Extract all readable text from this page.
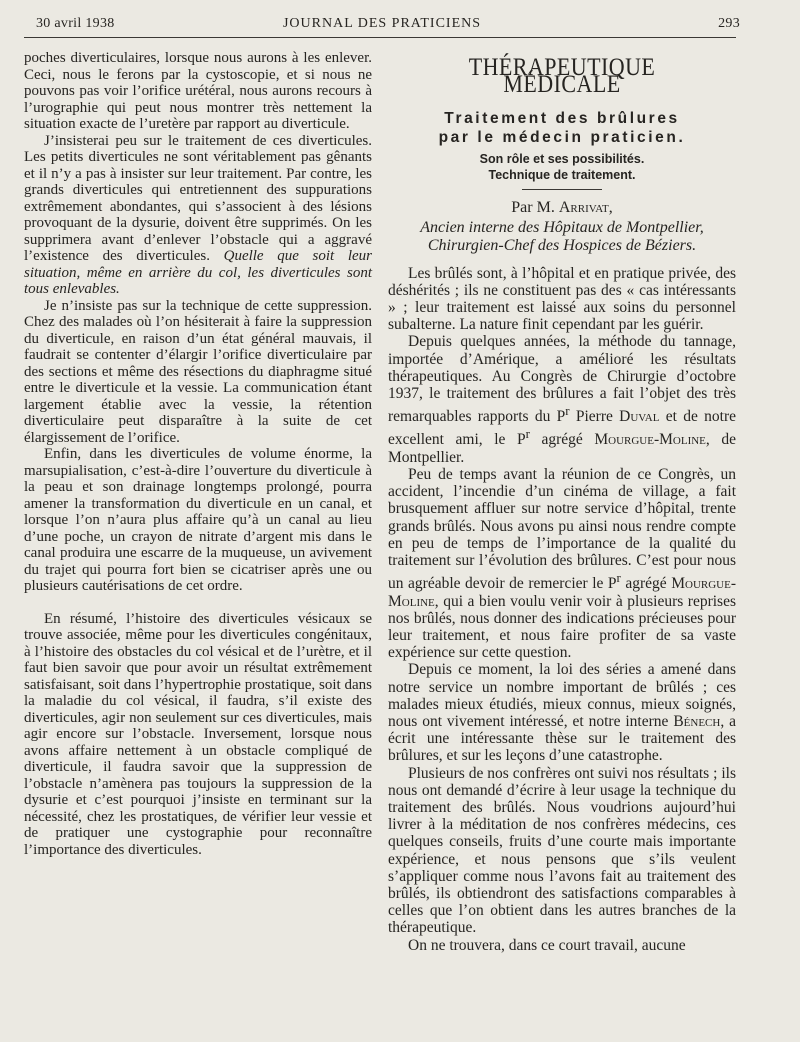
30 avril 1938	JOURNAL DES PRATICIENS	293

poches diverticulaires, lorsque nous aurons à les enlever. Ceci, nous le ferons par la cystoscopie, et si nous ne pouvons pas voir l’orifice urétéral, nous aurons recours à l’urographie qui peut nous montrer très nettement la situation exacte de l’uretère par rapport au diverticule.

J’insisterai peu sur le traitement de ces diverticules. Les petits diverticules ne sont véritablement pas gênants et il n’y a pas à insister sur leur traitement. Par contre, les grands diverticules qui entretiennent des suppurations extrêmement abondantes, qui s’associent à des lésions provoquant de la dysurie, doivent être supprimés. On les supprimera avant d’enlever l’obstacle qui a aggravé l’existence des diverticules. Quelle que soit leur situation, même en arrière du col, les diverticules sont tous enlevables.

Je n’insiste pas sur la technique de cette suppression. Chez des malades où l’on hésiterait à faire la suppression du diverticule, en raison d’un état général mauvais, il faudrait se contenter d’élargir l’orifice diverticulaire par des sections et même des résections du diaphragme situé entre le diverticule et la vessie. La communication étant largement établie avec la vessie, la rétention diverticulaire peut disparaître à la suite de cet élargissement de l’orifice.

Enfin, dans les diverticules de volume énorme, la marsupialisation, c’est-à-dire l’ouverture du diverticule à la peau et son drainage longtemps prolongé, pourra amener la transformation du diverticule en un canal, et lorsque l’on n’aura plus affaire qu’à un canal au lieu d’une poche, un crayon de nitrate d’argent mis dans le canal produira une escarre de la muqueuse, un avivement du trajet qui pourra fort bien se cicatriser après une ou plusieurs cautérisations de cet ordre.

En résumé, l’histoire des diverticules vésicaux se trouve associée, même pour les diverticules congénitaux, à l’histoire des obstacles du col vésical et de l’urètre, et il faut bien savoir que pour avoir un résultat extrêmement satisfaisant, soit dans l’hypertrophie prostatique, soit dans la maladie du col vésical, il faudra, s’il existe des diverticules, agir non seulement sur ces diverticules, mais agir encore sur l’obstacle. Inversement, lorsque nous avons affaire nettement à un obstacle compliqué de diverticule, il faudra savoir que la suppression de l’obstacle n’amènera pas toujours la suppression de la dysurie et c’est pourquoi j’insiste en terminant sur la nécessité, chez les prostatiques, de vérifier leur vessie et de pratiquer une cystographie pour reconnaître l’importance des diverticules.

THÉRAPEUTIQUE MÉDICALE
Traitement des brûlures
par le médecin praticien.
Son rôle et ses possibilités.
Technique de traitement.
Par M. Arrivat,
Ancien interne des Hôpitaux de Montpellier,
Chirurgien-Chef des Hospices de Béziers.

Les brûlés sont, à l’hôpital et en pratique privée, des déshérités ; ils ne constituent pas des « cas intéressants » ; leur traitement est laissé aux soins du personnel subalterne. La nature finit cependant par les guérir.

Depuis quelques années, la méthode du tannage, importée d’Amérique, a amélioré les résultats thérapeutiques. Au Congrès de Chirurgie d’octobre 1937, le traitement des brûlures a fait l’objet des très remarquables rapports du $P^r$ Pierre Duval et de notre excellent ami, le $P^r$ agrégé Mourgue-Moline, de Montpellier.

Peu de temps avant la réunion de ce Congrès, un accident, l’incendie d’un cinéma de village, a fait brusquement affluer sur notre service d’hôpital, trente grands brûlés. Nous avons pu ainsi nous rendre compte en peu de temps de l’importance de la qualité du traitement sur l’évolution des brûlures. C’est pour nous un agréable devoir de remercier le $P^r$ agrégé Mourgue-Moline, qui a bien voulu venir voir à plusieurs reprises nos brûlés, nous donner des indications précieuses pour leur traitement, et nous faire profiter de sa vaste expérience sur cette question.

Depuis ce moment, la loi des séries a amené dans notre service un nombre important de brûlés ; ces malades mieux étudiés, mieux connus, mieux soignés, nous ont vivement intéressé, et notre interne Bénech, a écrit une intéressante thèse sur le traitement des brûlures, et sur les leçons d’une catastrophe.

Plusieurs de nos confrères ont suivi nos résultats ; ils nous ont demandé d’écrire à leur usage la technique du traitement des brûlés. Nous voudrions aujourd’hui livrer à la méditation de nos confrères médecins, ces quelques conseils, fruits d’une courte mais importante expérience, et nous pensons que s’ils veulent s’appliquer comme nous l’avons fait au traitement des brûlés, ils obtiendront des satisfactions comparables à celles que l’on obtient dans les autres branches de la thérapeutique.

On ne trouvera, dans ce court travail, aucune
